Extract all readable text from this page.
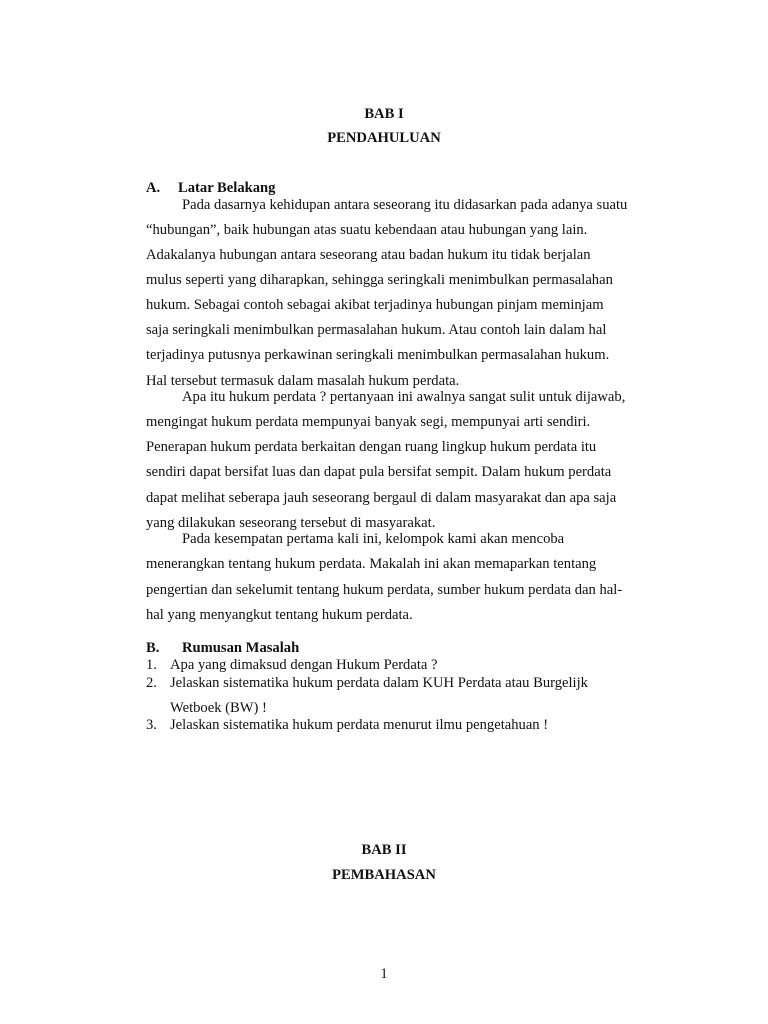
BAB I
PENDAHULUAN
A. Latar Belakang
Pada dasarnya kehidupan antara seseorang itu didasarkan pada adanya suatu
“hubungan”, baik hubungan atas suatu kebendaan atau hubungan yang lain.
Adakalanya hubungan antara seseorang atau badan hukum itu tidak berjalan
mulus seperti yang diharapkan, sehingga seringkali menimbulkan permasalahan
hukum. Sebagai contoh sebagai akibat terjadinya hubungan pinjam meminjam
saja seringkali menimbulkan permasalahan hukum. Atau contoh lain dalam hal
terjadinya putusnya perkawinan seringkali menimbulkan permasalahan hukum.
Hal tersebut termasuk dalam masalah hukum perdata.
Apa itu hukum perdata ? pertanyaan ini awalnya sangat sulit untuk dijawab,
mengingat hukum perdata mempunyai banyak segi, mempunyai arti sendiri.
Penerapan hukum perdata berkaitan dengan ruang lingkup hukum perdata itu
sendiri dapat bersifat luas dan dapat pula bersifat sempit. Dalam hukum perdata
dapat melihat seberapa jauh seseorang bergaul di dalam masyarakat dan apa saja
yang dilakukan seseorang tersebut di masyarakat.
Pada kesempatan pertama kali ini, kelompok kami akan mencoba
menerangkan tentang hukum perdata. Makalah ini akan memaparkan tentang
pengertian dan sekelumit tentang hukum perdata, sumber hukum perdata dan hal-
hal yang menyangkut tentang hukum perdata.
B. Rumusan Masalah
1. Apa yang dimaksud dengan Hukum Perdata ?
2. Jelaskan sistematika hukum perdata dalam KUH Perdata atau Burgelijk
Wetboek (BW) !
3. Jelaskan sistematika hukum perdata menurut ilmu pengetahuan !
BAB II
PEMBAHASAN
1
